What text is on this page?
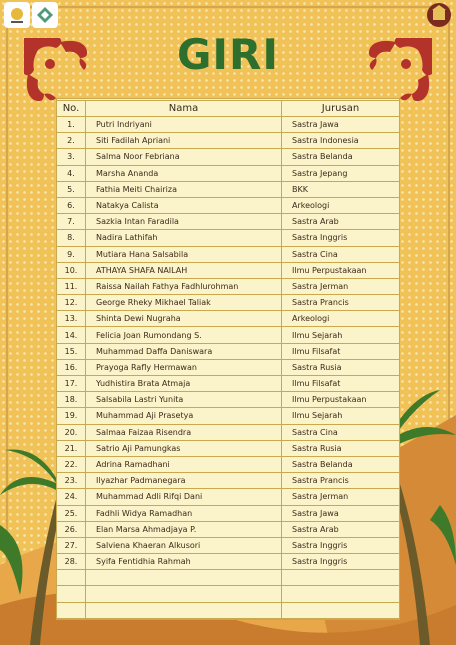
GIRI
No.	Nama	Jurusan
1.	Putri Indriyani	Sastra Jawa
2.	Siti Fadilah Apriani	Sastra Indonesia
3.	Salma Noor Febriana	Sastra Belanda
4.	Marsha Ananda	Sastra Jepang
5.	Fathia Meiti Chairiza	BKK
6.	Natakya Calista	Arkeologi
7.	Sazkia Intan Faradila	Sastra Arab
8.	Nadira Lathifah	Sastra Inggris
9.	Mutiara Hana Salsabila	Sastra Cina
10.	ATHAYA SHAFA NAILAH	Ilmu Perpustakaan
11.	Raissa Nailah Fathya Fadhlurohman	Sastra Jerman
12.	George Rheky Mikhael Taliak	Sastra Prancis
13.	Shinta Dewi Nugraha	Arkeologi
14.	Felicia Joan Rumondang S.	Ilmu Sejarah
15.	Muhammad Daffa Daniswara	Ilmu Filsafat
16.	Prayoga Rafly Hermawan	Sastra Rusia
17.	Yudhistira Brata Atmaja	Ilmu Filsafat
18.	Salsabila Lastri Yunita	Ilmu Perpustakaan
19.	Muhammad Aji Prasetya	Ilmu Sejarah
20.	Salmaa Faizaa Risendra	Sastra Cina
21.	Satrio Aji Pamungkas	Sastra Rusia
22.	Adrina Ramadhani	Sastra Belanda
23.	Ilyazhar Padmanegara	Sastra Prancis
24.	Muhammad Adli Rifqi Dani	Sastra Jerman
25.	Fadhli Widya Ramadhan	Sastra Jawa
26.	Elan Marsa Ahmadjaya P.	Sastra Arab
27.	Salviena Khaeran Alkusori	Sastra Inggris
28.	Syifa Fentidhia Rahmah	Sastra Inggris
